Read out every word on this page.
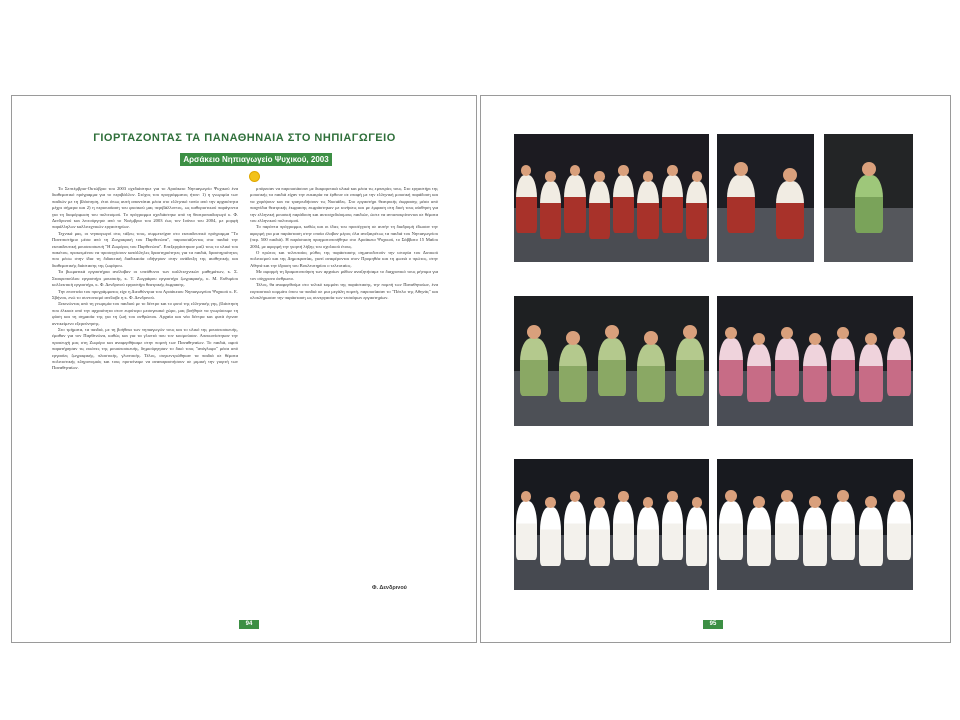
ΓΙΟΡΤΑΖΟΝΤΑΣ ΤΑ ΠΑΝΑΘΗΝΑΙΑ ΣΤΟ ΝΗΠΙΑΓΩΓΕΙΟ
Αρσάκειο Νηπιαγωγείο Ψυχικού, 2003

Το Σεπτέμβριο-Οκτώβριο του 2003 σχεδιάστηκε για το Αρσάκειο Νηπιαγωγείο Ψυχικού ένα διαθεματικό πρόγραμμα για το περιβάλλον. Στόχος του προγράμματος ήταν: 1) η γνωριμία των παιδιών με τη βλάστηση, έτσι όπως αυτή απαντάται μέσα στο ελληνικό τοπίο από την αρχαιότητα μέχρι σήμερα και 2) η περιουσίαση του φυσικού μας περιβάλλοντος, ως καθοριστικού παράγοντα για τη διαμόρφωση του πολιτισμού. Το πρόγραμμα σχεδιάστηκε από τη θεατροπαιδαγωγό κ. Φ. Δενδρινού και λειτούργησε από το Νοέμβριο του 2003 έως τον Ιούνιο του 2004, με μορφή παράλληλων καλλιτεχνικών εργαστηρίων.

Τεχνικά μας, οι νηπιαγωγοί στις τάξεις τους, συμμετείχαν στο εκπαιδευτικό πρόγραμμα "Το Πανεπιστήμιο μέσα από τη Ζωγραφική του Παρθενώνα", παρουσιάζοντας στα παιδιά την εκπαιδευτική μουσειοσκευή "Η Ζωφόρος του Παρθενώνα". Επεξεργάστηκαν μαζί τους το υλικό του πακέτου, προκειμένου να προσεγγίσουν κατάλληλες δραστηριότητες για τα παιδιά, δραστηριότητες που μέσω στην ίδια τη διδακτική διαδικασία οδήγησαν στην ανάδειξη της αισθητικής και διαθεματικής διάστασης της ζωφόρου.

Τα βιωματικά εργαστήρια ανέλαβαν οι υπεύθυνοι των καλλιτεχνικών μαθημάτων, κ. Σ. Σταυροπούλου εργαστήρι μουσικής, κ. Τ. Ζωγράφου εργαστήρι ζωγραφικής, κ. Μ. Ευθυμίου κολλεκτική εργαστήρι, κ. Φ. Δενδρινού εργαστήρι θεατρικής έκφρασης.

Την εποπτεία του προγράμματος είχε η Διευθύντρια του Αρσάκειου Νηπιαγωγείου Ψυχικού κ. Ε. Σβήνου, ενώ το συντονισμό ανέλαβε η κ. Φ. Δενδρινού.

Ξεκινώντας από τη γνωριμία του παιδιού με το δέντρο και το φυτό της ελληνικής γης, βλάστηση που έλκυσε από την αρχαιότητα στον ευρύτερο μεσογειακό χώρο, μας βοήθησε να γνωρίσουμε τη φύση και τη σημασία της για τη ζωή του ανθρώπου. Αρχαία και νέα δέντρα και φυτά έγιναν αντικείμενο εξερεύνησης.

Στο τμήματα, τα παιδιά, με τη βοήθεια των νηπιαγωγών τους και το υλικό της μουσειοσκευής, έμαθαν για τον Παρθενώνα, καθώς και για τα γλυπτά που τον κοσμούσαν. Απεικονίστηκαν την προσευχή μας στη Ζωφόρο και αναφερθήκαμε στην πομπή των Παναθηναίων. Το παιδιά, αφού παρατήρησαν τις εικόνες της μουσειοσκευής, δημιούργησαν το δικό τους "ανάγλυφο" μέσα από εργασίες ζωγραφικής, πλαστικής, γλυπτικής. Τέλος, συγκεντρώθηκαν τα παιδιά σε θέματα πολιτιστικής κληρονομιάς και τους προτείναμε να αναπαραστήσουν σε μιμική την γιορτή των Παναθηναίων.

μπόρεσαν να παρουσιάσουν με διαφορετικά υλικά και μέσα τις εμπειρίες τους. Στο εργαστήρι της μουσικής τα παιδιά είχαν την ευκαιρία να έρθουν σε επαφή με την ελληνική μουσική παράδοση και να χορέψουν και να τραγουδήσουν τις Νυσιάδες. Στο εργαστήρι θεατρικής έκφρασης μέσα από παιχνίδια θεατρικής έκφρασης εκφράστηκαν με κινήσεις και με έμφαση στη δική τους αίσθηση για την ελληνική μουσική παράδοση και αυτοσχεδιάσμους παιδιών, ώστε να ανταποκρίνονται σε θέματα του ελληνικού πολιτισμού.

Το παρόντα πρόγραμμα, καθώς και οι ίδιες του προσέγγιση σε αυτήν τη διαδρομή έδωσαν την αφορμή για μια παράσταση στην οποία έλαβαν μέρος όλα ανεξαιρέτως τα παιδιά του Νηπιαγωγείου (περ. 500 παιδιά). Η παράσταση πραγματοποιήθηκε στο Αρσάκειο Ψυχικού, το Σάββατο 15 Μαΐου 2004, με αφορμή την γιορτή λήξης του σχολικού έτους.

Ο πρώτος και τελευταίος μύθος της παράστασης σηματοδοτούν την ιστορία του Δυτικού πολιτισμού και της Δημοκρατίας, γιατί αναφέρονται στον Προμηθέα και τη φωτιά ο πρώτος, στην Αθηνά και την ίδρυση του Βουλευτηρίου ο τελευταίος.

Με αφορμή τη δραματοποίηση των αρχαίων μύθων αναζητήσαμε το διαχρονικό τους μήνυμα για τον σύγχρονο άνθρωπο.

Τέλος, θα αναφερθούμε στο τελικό κομμάτι της παράστασης, την πομπή των Παναθηναίων, ένα εορταστικό κομμάτι όπου τα παιδιά σε μια μεγάλη πομπή, παρουσίασαν το "Πέπλο της Αθηνάς" και ολοκλήρωσαν την παράσταση ως συνεργασία των τεσσάρων εργαστηρίων.

Φ. Δενδρινού
94	95
